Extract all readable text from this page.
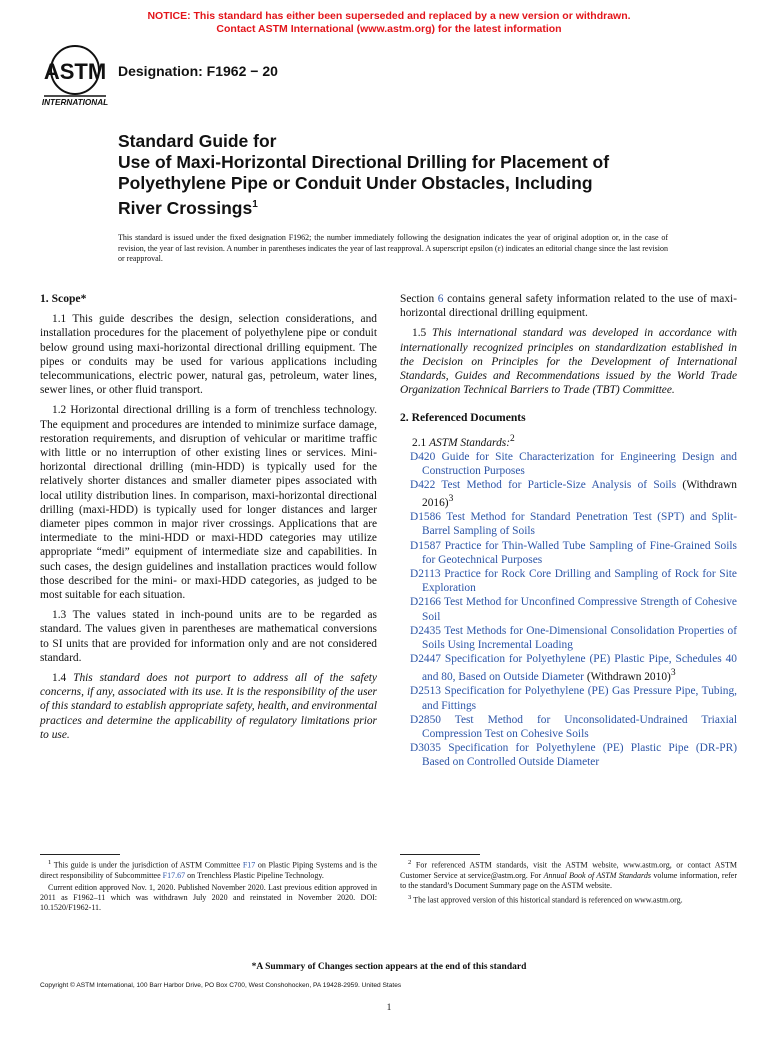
NOTICE: This standard has either been superseded and replaced by a new version or withdrawn.
Contact ASTM International (www.astm.org) for the latest information
ASTM
INTERNATIONAL
Designation: F1962 − 20
Standard Guide for
Use of Maxi-Horizontal Directional Drilling for Placement of
Polyethylene Pipe or Conduit Under Obstacles, Including
River Crossings$^1$
This standard is issued under the fixed designation F1962; the number immediately following the designation indicates the year of original adoption or, in the case of revision, the year of last revision. A number in parentheses indicates the year of last reapproval. A superscript epsilon (ε) indicates an editorial change since the last revision or reapproval.
1. Scope*

1.1 This guide describes the design, selection considerations, and installation procedures for the placement of polyethylene pipe or conduit below ground using maxi-horizontal directional drilling equipment. The pipes or conduits may be used for various applications including telecommunications, electric power, natural gas, petroleum, water lines, sewer lines, or other fluid transport.

1.2 Horizontal directional drilling is a form of trenchless technology. The equipment and procedures are intended to minimize surface damage, restoration requirements, and disruption of vehicular or maritime traffic with little or no interruption of other existing lines or services. Mini-horizontal directional drilling (min-HDD) is typically used for the relatively shorter distances and smaller diameter pipes associated with local utility distribution lines. In comparison, maxi-horizontal directional drilling (maxi-HDD) is typically used for longer distances and larger diameter pipes common in major river crossings. Applications that are intermediate to the mini-HDD or maxi-HDD categories may utilize appropriate “medi” equipment of intermediate size and capabilities. In such cases, the design guidelines and installation practices would follow those described for the mini- or maxi-HDD categories, as judged to be most suitable for each situation.

1.3 The values stated in inch-pound units are to be regarded as standard. The values given in parentheses are mathematical conversions to SI units that are provided for information only and are not considered standard.

1.4 This standard does not purport to address all of the safety concerns, if any, associated with its use. It is the responsibility of the user of this standard to establish appropriate safety, health, and environmental practices and determine the applicability of regulatory limitations prior to use.

Section 6 contains general safety information related to the use of maxi-horizontal directional drilling equipment.

1.5 This international standard was developed in accordance with internationally recognized principles on standardization established in the Decision on Principles for the Development of International Standards, Guides and Recommendations issued by the World Trade Organization Technical Barriers to Trade (TBT) Committee.

2. Referenced Documents

2.1 ASTM Standards:$^2$

D420 Guide for Site Characterization for Engineering Design and Construction Purposes
D422 Test Method for Particle-Size Analysis of Soils (Withdrawn 2016)$^3$
D1586 Test Method for Standard Penetration Test (SPT) and Split-Barrel Sampling of Soils
D1587 Practice for Thin-Walled Tube Sampling of Fine-Grained Soils for Geotechnical Purposes
D2113 Practice for Rock Core Drilling and Sampling of Rock for Site Exploration
D2166 Test Method for Unconfined Compressive Strength of Cohesive Soil
D2435 Test Methods for One-Dimensional Consolidation Properties of Soils Using Incremental Loading
D2447 Specification for Polyethylene (PE) Plastic Pipe, Schedules 40 and 80, Based on Outside Diameter (Withdrawn 2010)$^3$
D2513 Specification for Polyethylene (PE) Gas Pressure Pipe, Tubing, and Fittings
D2850 Test Method for Unconsolidated-Undrained Triaxial Compression Test on Cohesive Soils
D3035 Specification for Polyethylene (PE) Plastic Pipe (DR-PR) Based on Controlled Outside Diameter

$^1$ This guide is under the jurisdiction of ASTM Committee F17 on Plastic Piping Systems and is the direct responsibility of Subcommittee F17.67 on Trenchless Plastic Pipeline Technology.

Current edition approved Nov. 1, 2020. Published November 2020. Last previous edition approved in 2011 as F1962–11 which was withdrawn July 2020 and reinstated in November 2020. DOI: 10.1520/F1962-11.

$^2$ For referenced ASTM standards, visit the ASTM website, www.astm.org, or contact ASTM Customer Service at service@astm.org. For Annual Book of ASTM Standards volume information, refer to the standard’s Document Summary page on the ASTM website.

$^3$ The last approved version of this historical standard is referenced on www.astm.org.

*A Summary of Changes section appears at the end of this standard
Copyright © ASTM International, 100 Barr Harbor Drive, PO Box C700, West Conshohocken, PA 19428-2959. United States
1
